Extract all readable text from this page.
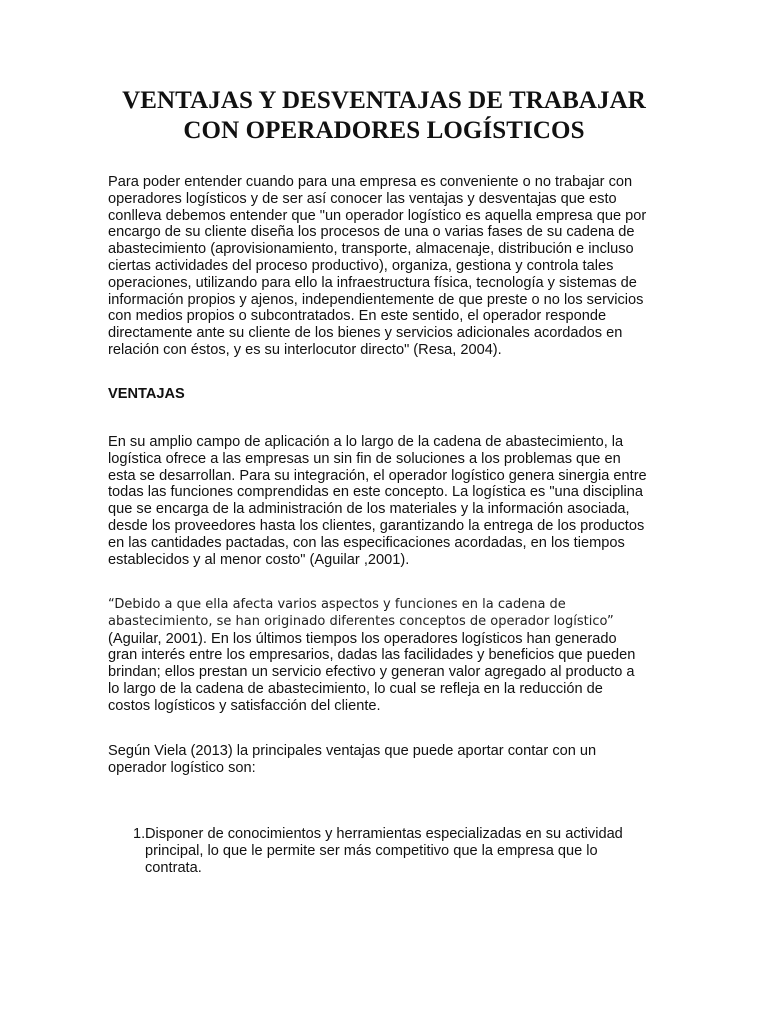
VENTAJAS Y DESVENTAJAS DE TRABAJAR
CON OPERADORES LOGÍSTICOS

Para poder entender cuando para una empresa es conveniente o no trabajar con
operadores logísticos y de ser así conocer las ventajas y desventajas que esto
conlleva debemos entender que "un operador logístico es aquella empresa que por
encargo de su cliente diseña los procesos de una o varias fases de su cadena de
abastecimiento (aprovisionamiento, transporte, almacenaje, distribución e incluso
ciertas actividades del proceso productivo), organiza, gestiona y controla tales
operaciones, utilizando para ello la infraestructura física, tecnología y sistemas de
información propios y ajenos, independientemente de que preste o no los servicios
con medios propios o subcontratados. En este sentido, el operador responde
directamente ante su cliente de los bienes y servicios adicionales acordados en
relación con éstos, y es su interlocutor directo" (Resa, 2004).

VENTAJAS

En su amplio campo de aplicación a lo largo de la cadena de abastecimiento, la
logística ofrece a las empresas un sin fin de soluciones a los problemas que en
esta se desarrollan. Para su integración, el operador logístico genera sinergia entre
todas las funciones comprendidas en este concepto. La logística es "una disciplina
que se encarga de la administración de los materiales y la información asociada,
desde los proveedores hasta los clientes, garantizando la entrega de los productos
en las cantidades pactadas, con las especificaciones acordadas, en los tiempos
establecidos y al menor costo" (Aguilar ,2001).

“Debido a que ella afecta varios aspectos y funciones en la cadena de
abastecimiento, se han originado diferentes conceptos de operador logístico”
(Aguilar, 2001). En los últimos tiempos los operadores logísticos han generado
gran interés entre los empresarios, dadas las facilidades y beneficios que pueden
brindan; ellos prestan un servicio efectivo y generan valor agregado al producto a
lo largo de la cadena de abastecimiento, lo cual se refleja en la reducción de
costos logísticos y satisfacción del cliente.

Según Viela (2013) la principales ventajas que puede aportar contar con un
operador logístico son:

1. Disponer de conocimientos y herramientas especializadas en su actividad
principal, lo que le permite ser más competitivo que la empresa que lo
contrata.
